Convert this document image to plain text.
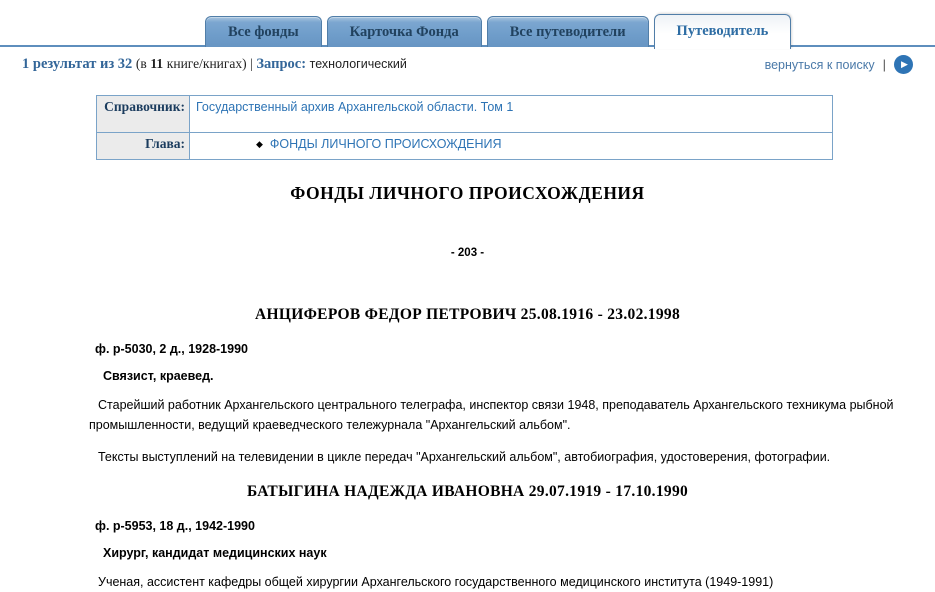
Все фонды	Карточка Фонда	Все путеводители	Путеводитель
1 результат из 32 (в 11 книге/книгах) | Запрос: технологический	вернуться к поиску | ▶
Справочник:	Государственный архив Архангельской области. Том 1
Глава:	◆ ФОНДЫ ЛИЧНОГО ПРОИСХОЖДЕНИЯ
ФОНДЫ ЛИЧНОГО ПРОИСХОЖДЕНИЯ
- 203 -
АНЦИФЕРОВ ФЕДОР ПЕТРОВИЧ 25.08.1916 - 23.02.1998
ф. р-5030, 2 д., 1928-1990
Связист, краевед.
Старейший работник Архангельского центрального телеграфа, инспектор связи 1948, преподаватель Архангельского техникума рыбной промышленности, ведущий краеведческого тележурнала "Архангельский альбом".
Тексты выступлений на телевидении в цикле передач "Архангельский альбом", автобиография, удостоверения, фотографии.
БАТЫГИНА НАДЕЖДА ИВАНОВНА 29.07.1919 - 17.10.1990
ф. р-5953, 18 д., 1942-1990
Хирург, кандидат медицинских наук
Ученая, ассистент кафедры общей хирургии Архангельского государственного медицинского института (1949-1991)
